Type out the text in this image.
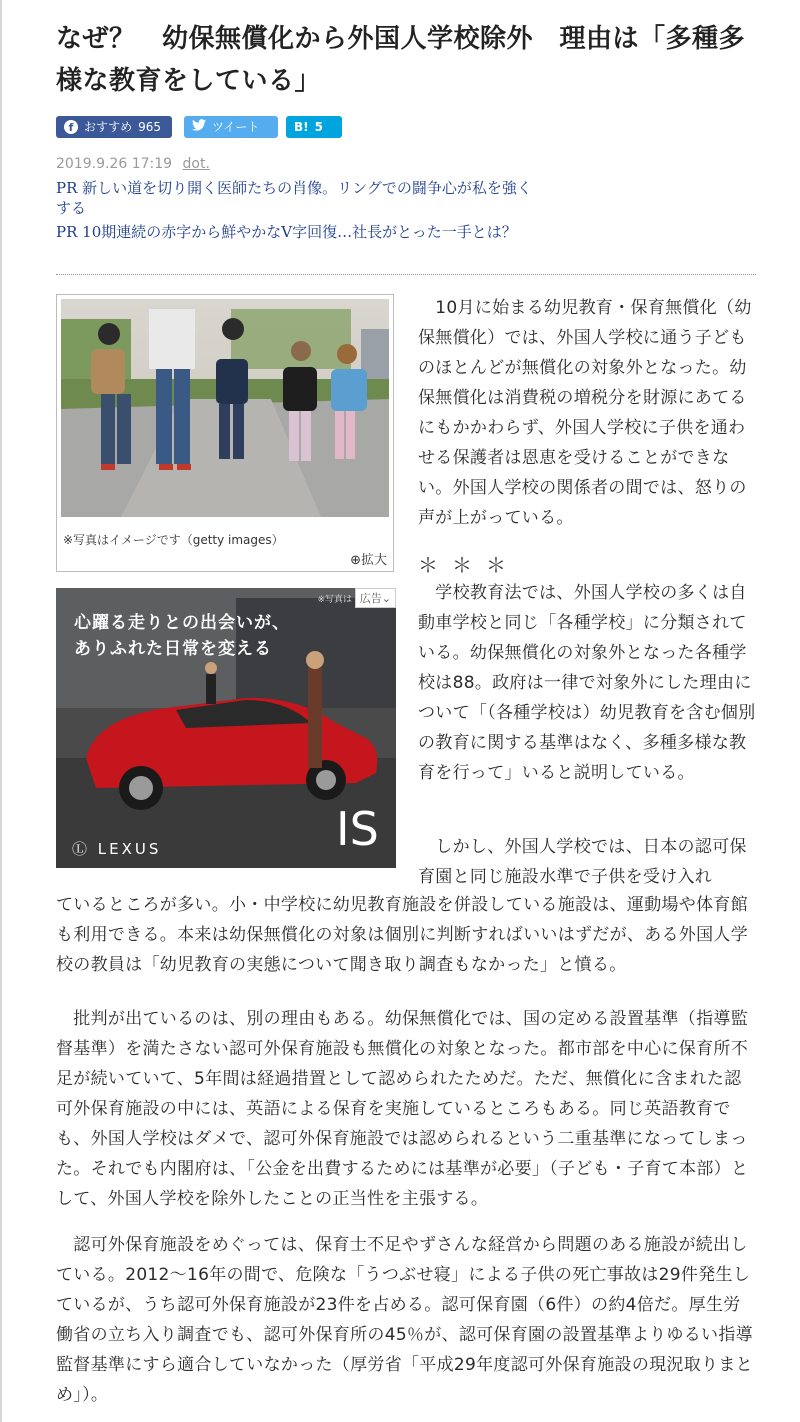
なぜ？　幼保無償化から外国人学校除外　理由は「多種多様な教育をしている」
f おすすめ 965	ツイート	B! 5
2019.9.26 17:19 dot.
PR 新しい道を切り開く医師たちの肖像。リングでの闘争心が私を強くする
PR 10期連続の赤字から鮮やかなV字回復…社長がとった一手とは？
※写真はイメージです（getty images）
⊕拡大
※写真は 広告⌄
心躍る走りとの出会いが、
ありふれた日常を変える
Ⓛ LEXUS	IS

　10月に始まる幼児教育・保育無償化（幼保無償化）では、外国人学校に通う子どものほとんどが無償化の対象外となった。幼保無償化は消費税の増税分を財源にあてるにもかかわらず、外国人学校に子供を通わせる保護者は恩恵を受けることができない。外国人学校の関係者の間では、怒りの声が上がっている。

＊＊＊

　学校教育法では、外国人学校の多くは自動車学校と同じ「各種学校」に分類されている。幼保無償化の対象外となった各種学校は88。政府は一律で対象外にした理由について「（各種学校は）幼児教育を含む個別の教育に関する基準はなく、多種多様な教育を行って」いると説明している。

　しかし、外国人学校では、日本の認可保育園と同じ施設水準で子供を受け入れ

ているところが多い。小・中学校に幼児教育施設を併設している施設は、運動場や体育館も利用できる。本来は幼保無償化の対象は個別に判断すればいいはずだが、ある外国人学校の教員は「幼児教育の実態について聞き取り調査もなかった」と憤る。

　批判が出ているのは、別の理由もある。幼保無償化では、国の定める設置基準（指導監督基準）を満たさない認可外保育施設も無償化の対象となった。都市部を中心に保育所不足が続いていて、5年間は経過措置として認められたためだ。ただ、無償化に含まれた認可外保育施設の中には、英語による保育を実施しているところもある。同じ英語教育でも、外国人学校はダメで、認可外保育施設では認められるという二重基準になってしまった。それでも内閣府は、「公金を出費するためには基準が必要」（子ども・子育て本部）として、外国人学校を除外したことの正当性を主張する。

　認可外保育施設をめぐっては、保育士不足やずさんな経営から問題のある施設が続出している。2012〜16年の間で、危険な「うつぶせ寝」による子供の死亡事故は29件発生しているが、うち認可外保育施設が23件を占める。認可保育園（6件）の約4倍だ。厚生労働省の立ち入り調査でも、認可外保育所の45％が、認可保育園の設置基準よりゆるい指導監督基準にすら適合していなかった（厚労省「平成29年度認可外保育施設の現況取りまとめ」）。
